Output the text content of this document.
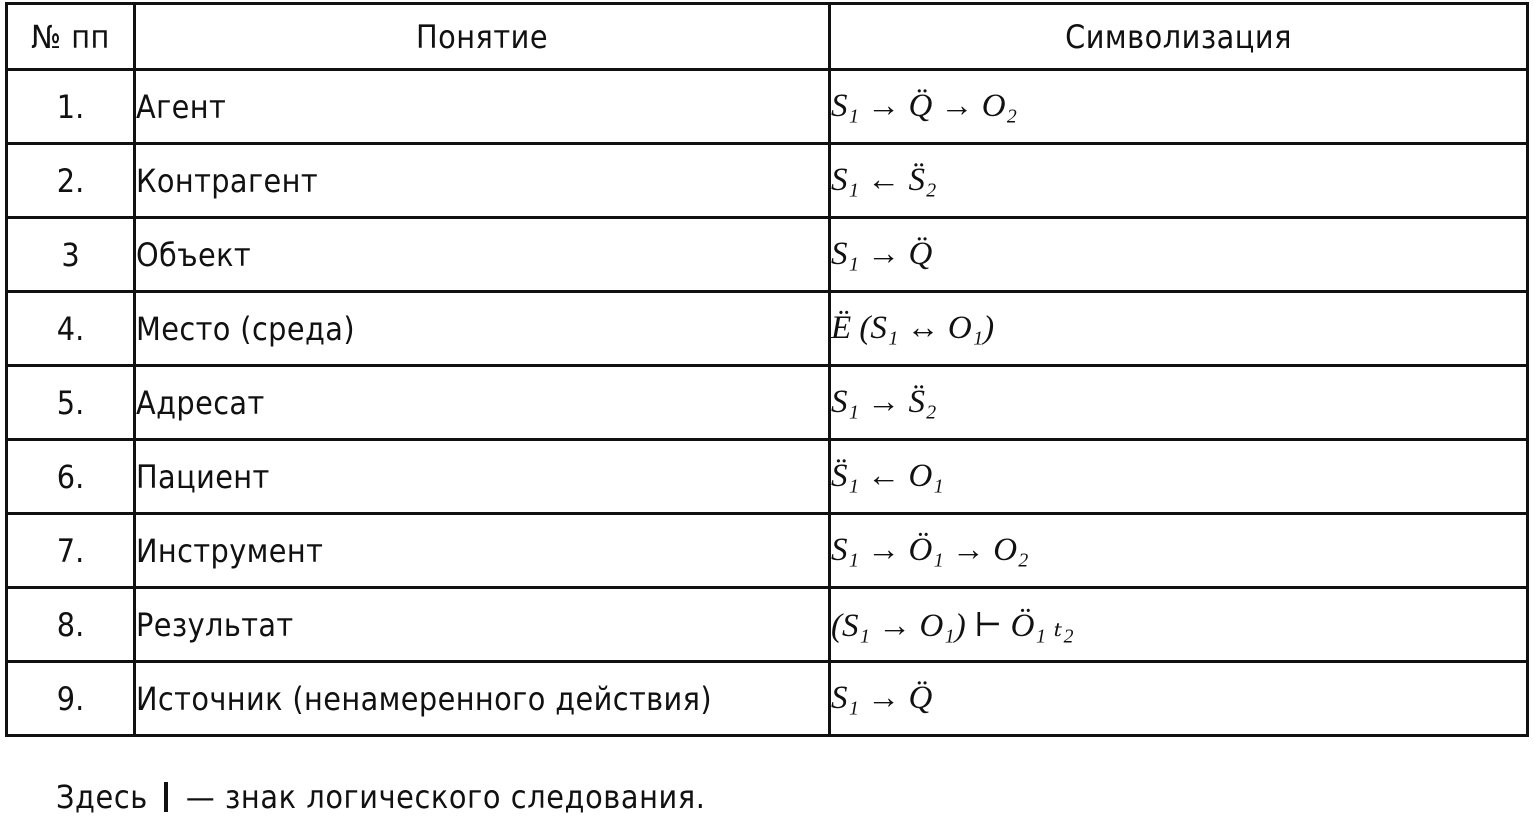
№ пп	Понятие	Символизация
1.	Агент	S₁ → Q̈ → O₂
2.	Контрагент	S₁ ← S̈₂
3	Объект	S₁ → Q̈
4.	Место (среда)	Ë (S₁ ↔ O₁)
5.	Адресат	S₁ → S̈₂
6.	Пациент	S̈₁ ← O₁
7.	Инструмент	S₁ → Ö₁ → O₂
8.	Результат	(S₁ → O₁) ⊢ Ö₁ ₜ₂
9.	Источник (ненамеренного действия)	S₁ → Q̈
Здесь — знак логического следования.
